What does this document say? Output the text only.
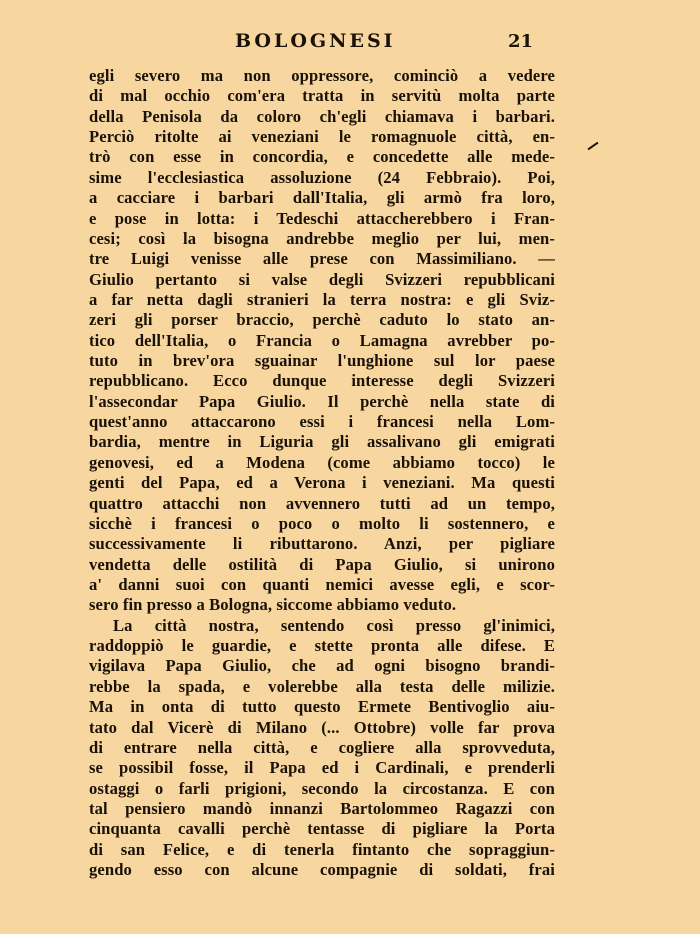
BOLOGNESI	21
egli severo ma non oppressore, cominciò a vedere
di mal occhio com'era tratta in servitù molta parte
della Penisola da coloro ch'egli chiamava i barbari.
Perciò ritolte ai veneziani le romagnuole città, en-
trò con esse in concordia, e concedette alle mede-
sime l'ecclesiastica assoluzione (24 Febbraio). Poi,
a cacciare i barbari dall'Italia, gli armò fra loro,
e pose in lotta: i Tedeschi attaccherebbero i Fran-
cesi; così la bisogna andrebbe meglio per lui, men-
tre Luigi venisse alle prese con Massimiliano. —
Giulio pertanto si valse degli Svizzeri repubblicani
a far netta dagli stranieri la terra nostra: e gli Sviz-
zeri gli porser braccio, perchè caduto lo stato an-
tico dell'Italia, o Francia o Lamagna avrebber po-
tuto in brev'ora sguainar l'unghione sul lor paese
repubblicano. Ecco dunque interesse degli Svizzeri
l'assecondar Papa Giulio. Il perchè nella state di
quest'anno attaccarono essi i francesi nella Lom-
bardia, mentre in Liguria gli assalivano gli emigrati
genovesi, ed a Modena (come abbiamo tocco) le
genti del Papa, ed a Verona i veneziani. Ma questi
quattro attacchi non avvennero tutti ad un tempo,
sicchè i francesi o poco o molto li sostennero, e
successivamente li ributtarono. Anzi, per pigliare
vendetta delle ostilità di Papa Giulio, si unirono
a' danni suoi con quanti nemici avesse egli, e scor-
sero fin presso a Bologna, siccome abbiamo veduto.
La città nostra, sentendo così presso gl'inimici,
raddoppiò le guardie, e stette pronta alle difese. E
vigilava Papa Giulio, che ad ogni bisogno brandi-
rebbe la spada, e volerebbe alla testa delle milizie.
Ma in onta di tutto questo Ermete Bentivoglio aiu-
tato dal Vicerè di Milano (... Ottobre) volle far prova
di entrare nella città, e cogliere alla sprovveduta,
se possibil fosse, il Papa ed i Cardinali, e prenderli
ostaggi o farli prigioni, secondo la circostanza. E con
tal pensiero mandò innanzi Bartolommeo Ragazzi con
cinquanta cavalli perchè tentasse di pigliare la Porta
di san Felice, e di tenerla fintanto che sopraggiun-
gendo esso con alcune compagnie di soldati, frai
